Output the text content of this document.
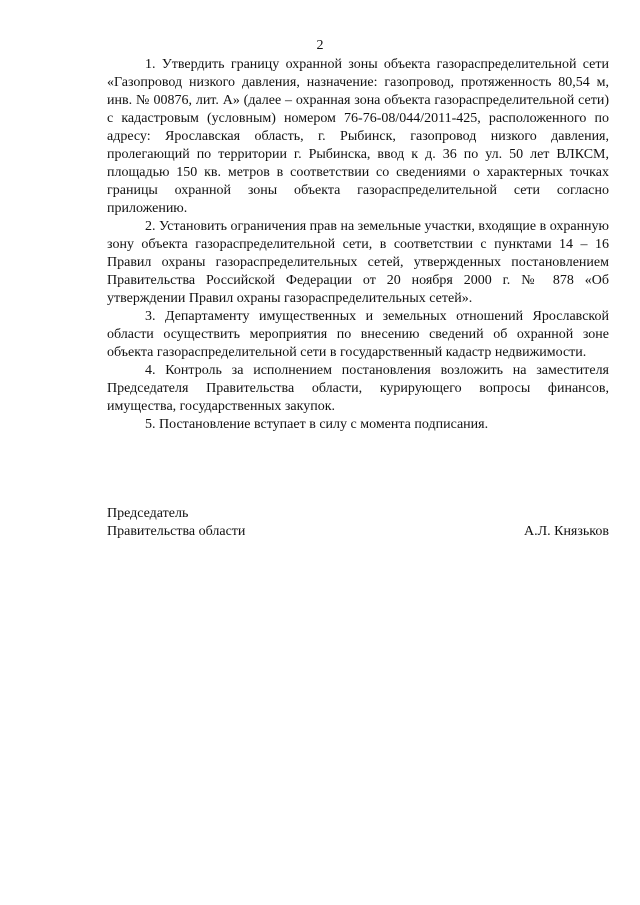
2

1. Утвердить границу охранной зоны объекта газораспределительной сети «Газопровод низкого давления, назначение: газопровод, протяженность 80,54 м, инв. № 00876, лит. А» (далее – охранная зона объекта газораспределительной сети) с кадастровым (условным) номером 76-76-08/044/2011-425, расположенного по адресу: Ярославская область, г. Рыбинск, газопровод низкого давления, пролегающий по территории г. Рыбинска, ввод к д. 36 по ул. 50 лет ВЛКСМ, площадью 150 кв. метров в соответствии со сведениями о характерных точках границы охранной зоны объекта газораспределительной сети согласно приложению.

2. Установить ограничения прав на земельные участки, входящие в охранную зону объекта газораспределительной сети, в соответствии с пунктами 14 – 16 Правил охраны газораспределительных сетей, утвержденных постановлением Правительства Российской Федерации от 20 ноября 2000 г. № 878 «Об утверждении Правил охраны газораспределительных сетей».

3. Департаменту имущественных и земельных отношений Ярославской области осуществить мероприятия по внесению сведений об охранной зоне объекта газораспределительной сети в государственный кадастр недвижимости.

4. Контроль за исполнением постановления возложить на заместителя Председателя Правительства области, курирующего вопросы финансов, имущества, государственных закупок.

5. Постановление вступает в силу с момента подписания.

Председатель
Правительства области	А.Л. Князьков
